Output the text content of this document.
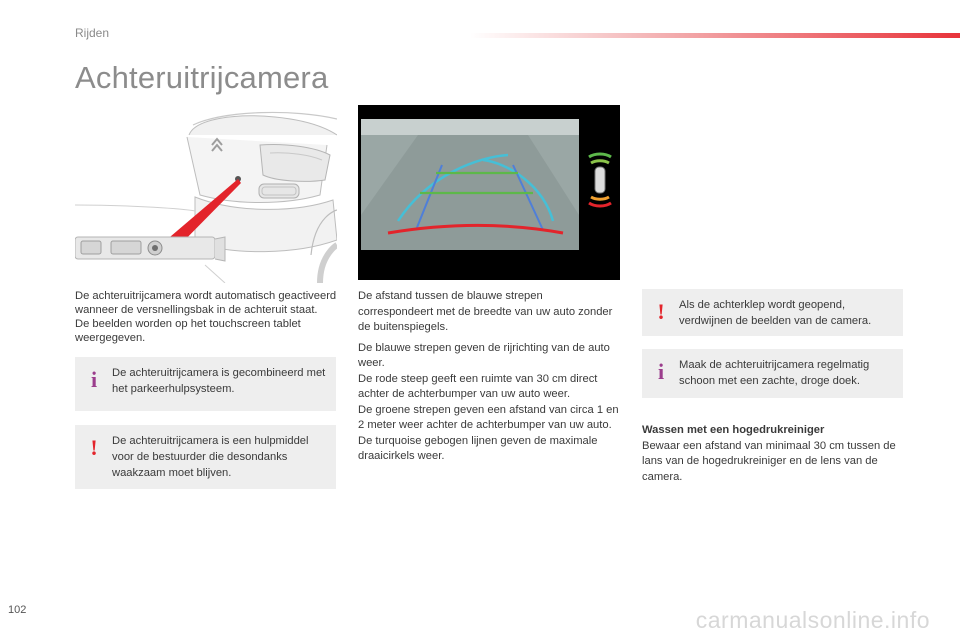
Rijden
Achteruitrijcamera

De achteruitrijcamera wordt automatisch geactiveerd wanneer de versnellingsbak in de achteruit staat.

De beelden worden op het touchscreen tablet weergegeven.

i	De achteruitrijcamera is gecombineerd met het parkeerhulpsysteem.
! De achteruitrijcamera is een hulpmiddel voor de bestuurder die desondanks waakzaam moet blijven.

De afstand tussen de blauwe strepen correspondeert met de breedte van uw auto zonder de buitenspiegels.

De blauwe strepen geven de rijrichting van de auto weer.

De rode steep geeft een ruimte van 30 cm direct achter de achterbumper van uw auto weer.

De groene strepen geven een afstand van circa 1 en 2 meter weer achter de achterbumper van uw auto.

De turquoise gebogen lijnen geven de maximale draaicirkels weer.

! Als de achterklep wordt geopend, verdwijnen de beelden van de camera.
i	Maak de achteruitrijcamera regelmatig schoon met een zachte, droge doek.

Wassen met een hogedrukreiniger

Bewaar een afstand van minimaal 30 cm tussen de lans van de hogedrukreiniger en de lens van de camera.

102	carmanualsonline.info
